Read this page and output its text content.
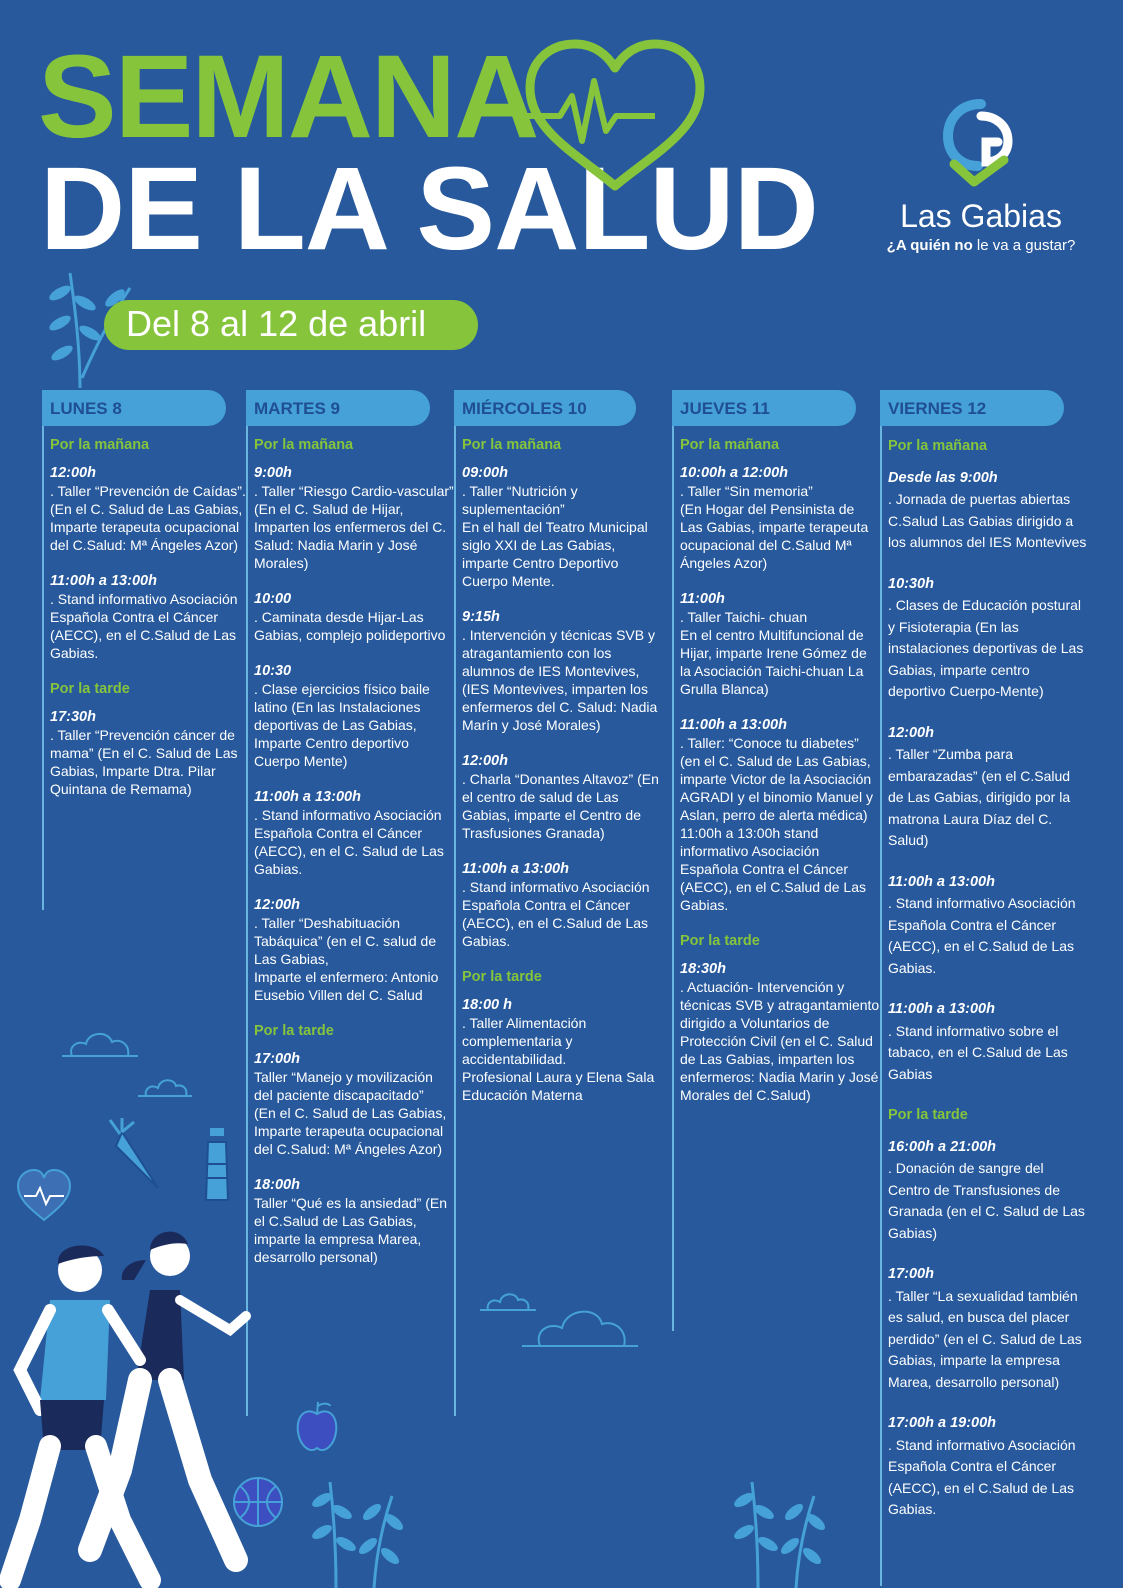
SEMANA
DE LA SALUD	Las Gabias
¿A quién no le va a gustar?
Del 8 al 12 de abril
LUNES 8
Por la mañana
12:00h
. Taller “Prevención de Caídas”. (En el C. Salud de Las Gabias, Imparte terapeuta ocupacional del C.Salud: Mª Ángeles Azor)
11:00h a 13:00h
. Stand informativo Asociación Española Contra el Cáncer (AECC), en el C.Salud de Las Gabias.
Por la tarde
17:30h
. Taller “Prevención cáncer de mama” (En el C. Salud de Las Gabias, Imparte Dtra. Pilar Quintana de Remama)
MARTES 9
Por la mañana
9:00h
. Taller “Riesgo Cardio-vascular”
(En el C. Salud de Hijar, Imparten los enfermeros del C. Salud: Nadia Marin y José Morales)
10:00
. Caminata desde Hijar-Las Gabias, complejo polideportivo
10:30
. Clase ejercicios físico baile latino (En las Instalaciones deportivas de Las Gabias, Imparte Centro deportivo Cuerpo Mente)
11:00h a 13:00h
. Stand informativo Asociación Española Contra el Cáncer (AECC), en el C. Salud de Las Gabias.
12:00h
. Taller “Deshabituación Tabáquica” (en el C. salud de Las Gabias,
Imparte el enfermero: Antonio Eusebio Villen del C. Salud
Por la tarde
17:00h
Taller “Manejo y movilización del paciente discapacitado”
(En el C. Salud de Las Gabias, Imparte terapeuta ocupacional del C.Salud: Mª Ángeles Azor)
18:00h
Taller “Qué es la ansiedad” (En el C.Salud de Las Gabias, imparte la empresa Marea, desarrollo personal)
MIÉRCOLES 10
Por la mañana
09:00h
. Taller “Nutrición y suplementación”
En el hall del Teatro Municipal siglo XXI de Las Gabias, imparte Centro Deportivo Cuerpo Mente.
9:15h
. Intervención y técnicas SVB y atragantamiento con los alumnos de IES Montevives,
(IES Montevives, imparten los enfermeros del C. Salud: Nadia Marín y José Morales)
12:00h
. Charla “Donantes Altavoz” (En el centro de salud de Las Gabias, imparte el Centro de Trasfusiones Granada)
11:00h a 13:00h
. Stand informativo Asociación Española Contra el Cáncer (AECC), en el C.Salud de Las Gabias.
Por la tarde
18:00 h
. Taller Alimentación complementaria y accidentabilidad.
Profesional Laura y Elena Sala Educación Materna
JUEVES 11
Por la mañana
10:00h a 12:00h
. Taller “Sin memoria”
(En Hogar del Pensinista de Las Gabias, imparte terapeuta ocupacional del C.Salud Mª Ángeles Azor)
11:00h
. Taller Taichi- chuan
En el centro Multifuncional de Hijar, imparte Irene Gómez de la Asociación Taichi-chuan La Grulla Blanca)
11:00h a 13:00h
. Taller: “Conoce tu diabetes”
(en el C. Salud de Las Gabias, imparte Victor de la Asociación AGRADI y el binomio Manuel y Aslan, perro de alerta médica)
11:00h a 13:00h stand informativo Asociación Española Contra el Cáncer (AECC), en el C.Salud de Las Gabias.
Por la tarde
18:30h
. Actuación- Intervención y técnicas SVB y atragantamiento dirigido a Voluntarios de Protección Civil (en el C. Salud de Las Gabias, imparten los enfermeros: Nadia Marin y José Morales del C.Salud)
VIERNES 12
Por la mañana
Desde las 9:00h
. Jornada de puertas abiertas C.Salud Las Gabias dirigido a los alumnos del IES Montevives
10:30h
. Clases de Educación postural y Fisioterapia (En las instalaciones deportivas de Las Gabias, imparte centro deportivo Cuerpo-Mente)
12:00h
. Taller “Zumba para embarazadas” (en el C.Salud de Las Gabias, dirigido por la matrona Laura Díaz del C. Salud)
11:00h a 13:00h
. Stand informativo Asociación Española Contra el Cáncer (AECC), en el C.Salud de Las Gabias.
11:00h a 13:00h
. Stand informativo sobre el tabaco, en el C.Salud de Las Gabias
Por la tarde
16:00h a 21:00h
. Donación de sangre del Centro de Transfusiones de Granada (en el C. Salud de Las Gabias)
17:00h
. Taller “La sexualidad también es salud, en busca del placer perdido” (en el C. Salud de Las Gabias, imparte la empresa Marea, desarrollo personal)
17:00h a 19:00h
. Stand informativo Asociación Española Contra el Cáncer (AECC), en el C.Salud de Las Gabias.
